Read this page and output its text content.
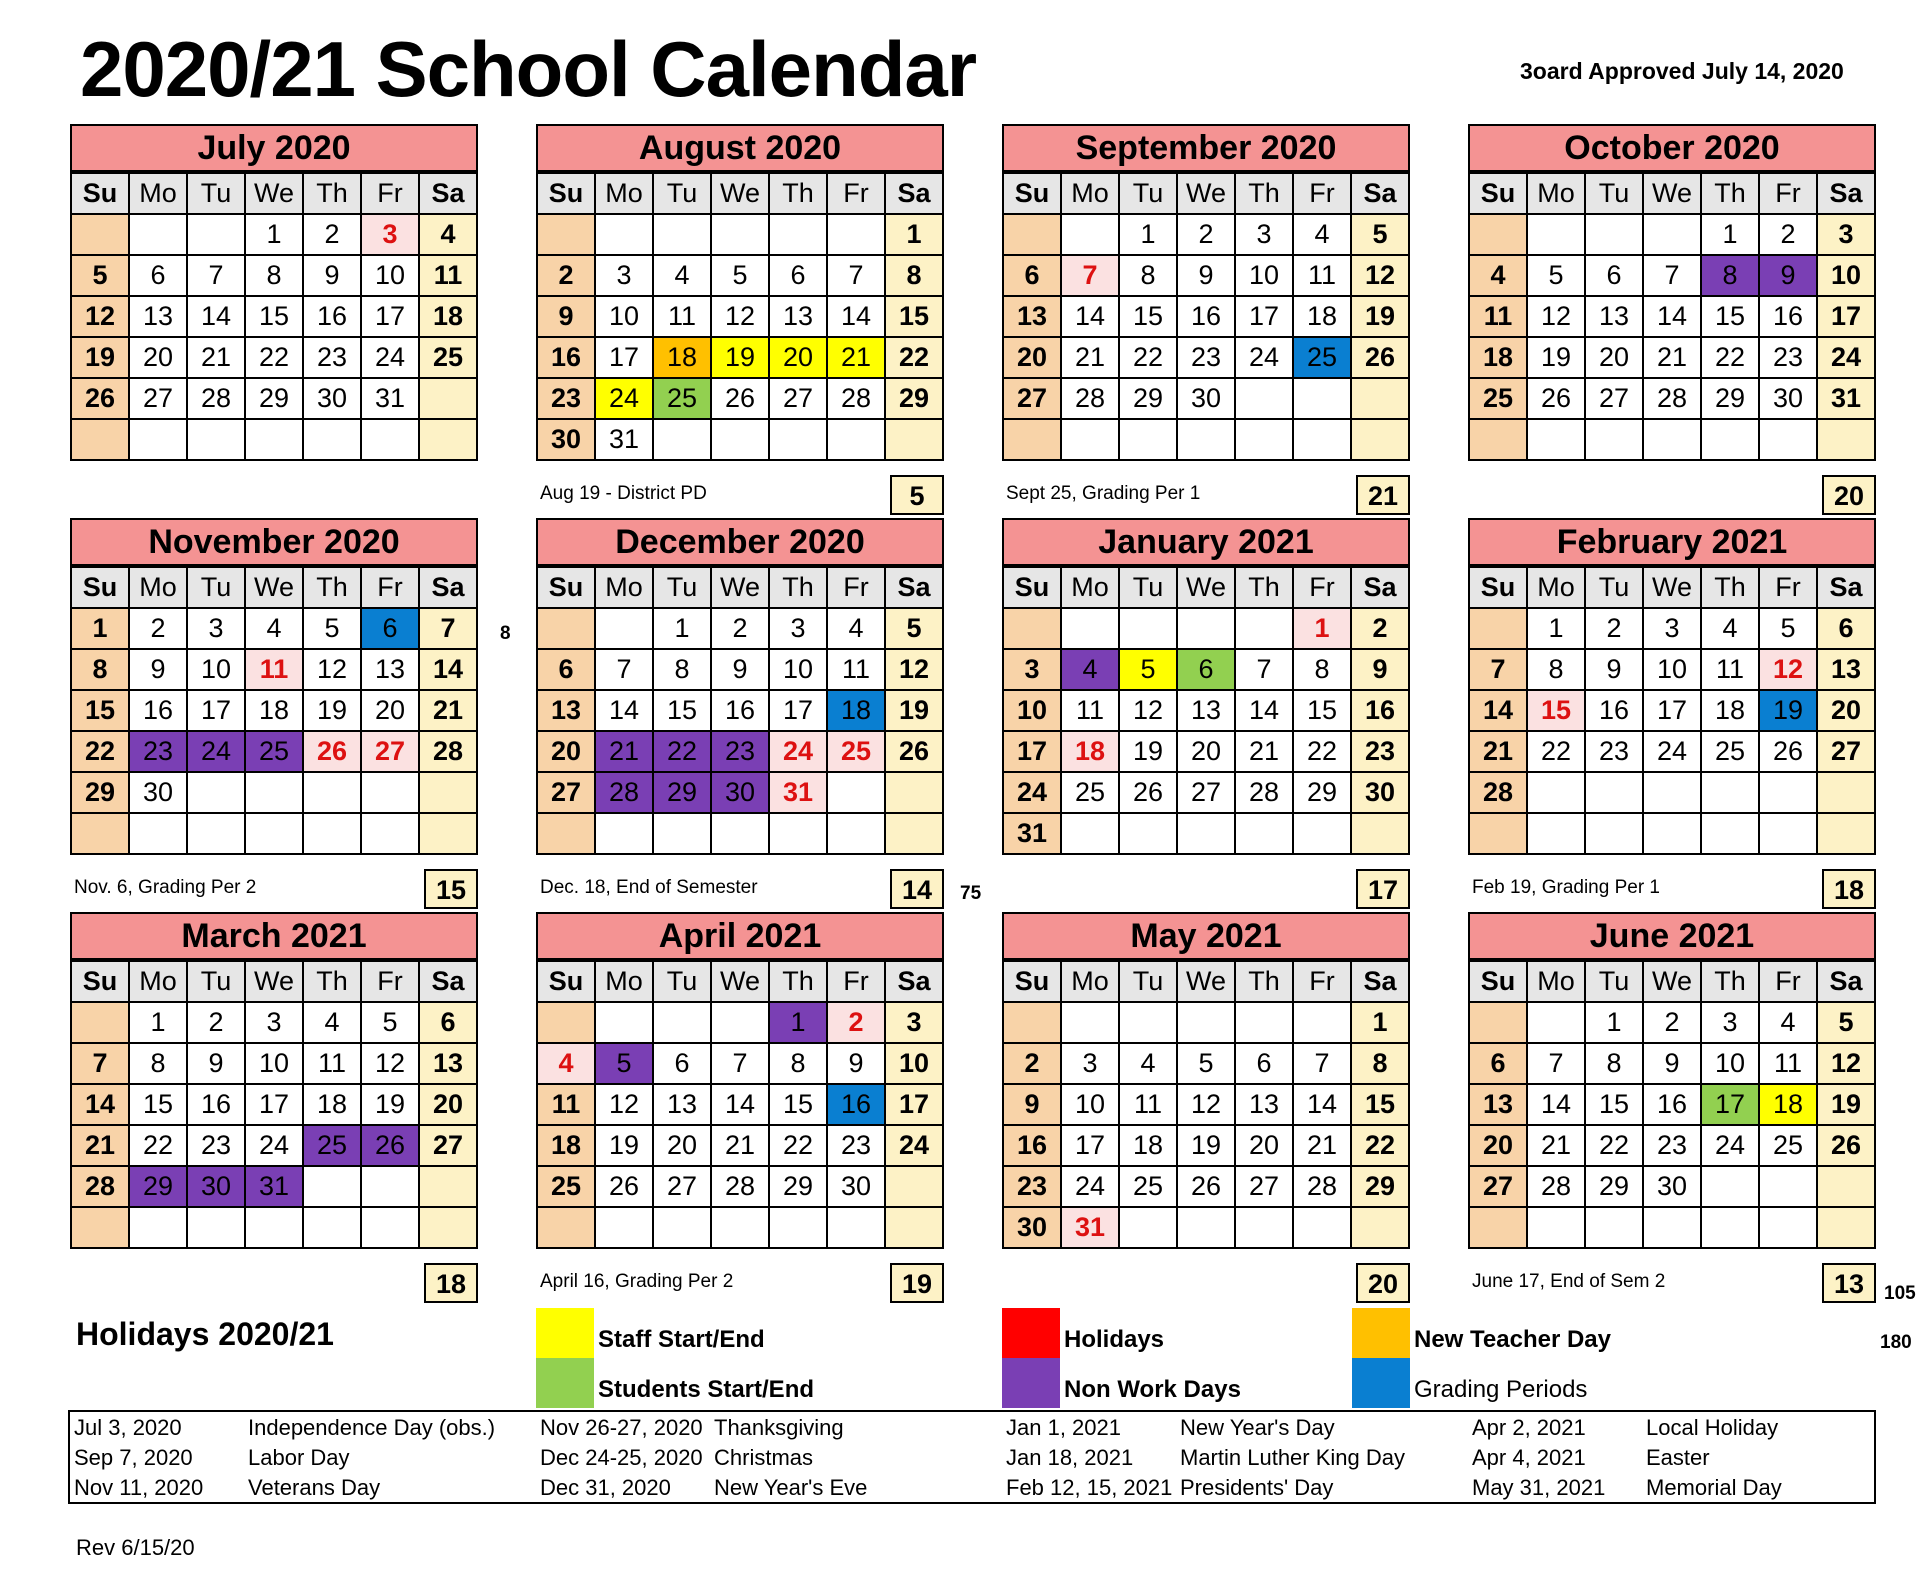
2020/21 School Calendar	3oard Approved July 14, 2020
July 2020
Su	Mo	Tu	We	Th	Fr	Sa
			1	2	3	4
5	6	7	8	9	10	11
12	13	14	15	16	17	18
19	20	21	22	23	24	25
26	27	28	29	30	31	

August 2020
Su	Mo	Tu	We	Th	Fr	Sa
						1
2	3	4	5	6	7	8
9	10	11	12	13	14	15
16	17	18	19	20	21	22
23	24	25	26	27	28	29
30	31					
Aug 19 - District PD	5
September 2020
Su	Mo	Tu	We	Th	Fr	Sa
		1	2	3	4	5
6	7	8	9	10	11	12
13	14	15	16	17	18	19
20	21	22	23	24	25	26
27	28	29	30			

Sept 25, Grading Per 1	21
October 2020
Su	Mo	Tu	We	Th	Fr	Sa
				1	2	3
4	5	6	7	8	9	10
11	12	13	14	15	16	17
18	19	20	21	22	23	24
25	26	27	28	29	30	31

20
November 2020
Su	Mo	Tu	We	Th	Fr	Sa
1	2	3	4	5	6	7
8	9	10	11	12	13	14
15	16	17	18	19	20	21
22	23	24	25	26	27	28
29	30					

Nov. 6, Grading Per 2	15
December 2020
Su	Mo	Tu	We	Th	Fr	Sa
		1	2	3	4	5
6	7	8	9	10	11	12
13	14	15	16	17	18	19
20	21	22	23	24	25	26
27	28	29	30	31		

Dec. 18, End of Semester	14
January 2021
Su	Mo	Tu	We	Th	Fr	Sa
					1	2
3	4	5	6	7	8	9
10	11	12	13	14	15	16
17	18	19	20	21	22	23
24	25	26	27	28	29	30
31						
17
February 2021
Su	Mo	Tu	We	Th	Fr	Sa
	1	2	3	4	5	6
7	8	9	10	11	12	13
14	15	16	17	18	19	20
21	22	23	24	25	26	27
28						

Feb 19, Grading Per 1	18
March 2021
Su	Mo	Tu	We	Th	Fr	Sa
	1	2	3	4	5	6
7	8	9	10	11	12	13
14	15	16	17	18	19	20
21	22	23	24	25	26	27
28	29	30	31			

18
April 2021
Su	Mo	Tu	We	Th	Fr	Sa
				1	2	3
4	5	6	7	8	9	10
11	12	13	14	15	16	17
18	19	20	21	22	23	24
25	26	27	28	29	30	

April 16, Grading Per 2	19
May 2021
Su	Mo	Tu	We	Th	Fr	Sa
						1
2	3	4	5	6	7	8
9	10	11	12	13	14	15
16	17	18	19	20	21	22
23	24	25	26	27	28	29
30	31					
20
June 2021
Su	Mo	Tu	We	Th	Fr	Sa
		1	2	3	4	5
6	7	8	9	10	11	12
13	14	15	16	17	18	19
20	21	22	23	24	25	26
27	28	29	30			

June 17, End of Sem 2	13
8
75
105
180
Holidays 2020/21	Staff Start/End
Students Start/End
Holidays
Non Work Days
New Teacher Day
Grading Periods
Jul 3, 2020	Independence Day (obs.)
Sep 7, 2020	Labor Day
Nov 11, 2020 Veterans Day
Nov 26-27, 2020 Thanksgiving
Dec 24-25, 2020 Christmas
Dec 31, 2020 New Year's Eve
Jan 1, 2021	New Year's Day
Jan 18, 2021 Martin Luther King Day
Feb 12, 15, 2021 Presidents' Day
Apr 2, 2021	Local Holiday
Apr 4, 2021	Easter
May 31, 2021 Memorial Day
Rev 6/15/20
